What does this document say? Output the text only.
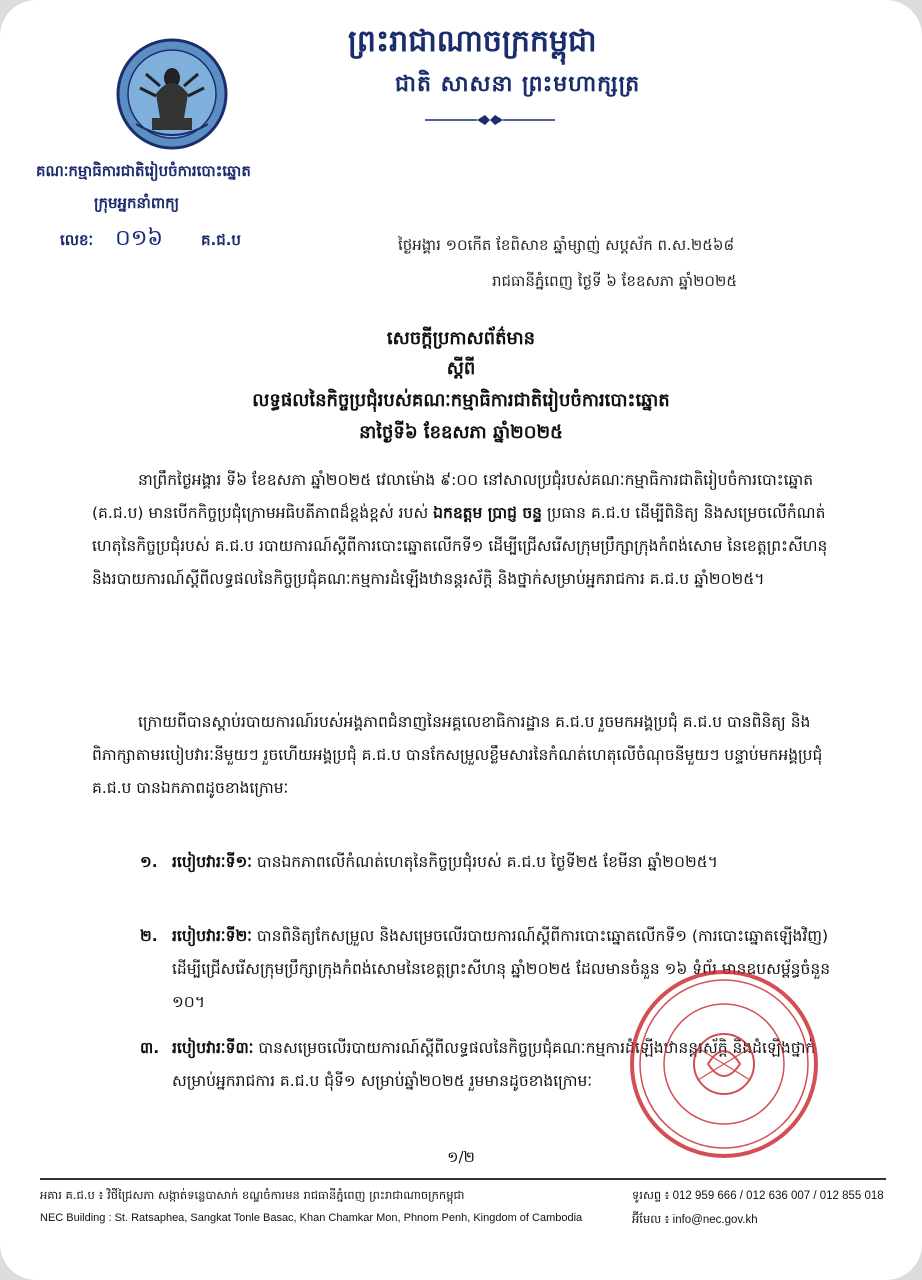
ព្រះរាជាណាចក្រកម្ពុជា
ជាតិ សាសនា ព្រះមហាក្សត្រ
គណៈកម្មាធិការជាតិរៀបចំការបោះឆ្នោត
ក្រុមអ្នកនាំពាក្យ
លេខៈ ០១៦	គ.ជ.ប	ថ្ងៃអង្គារ ១០កើត ខែពិសាខ ឆ្នាំម្សាញ់ សប្តស័ក ព.ស.២៥៦៨
រាជធានីភ្នំពេញ ថ្ងៃទី ៦ ខែឧសភា ឆ្នាំ២០២៥
សេចក្តីប្រកាសព័ត៌មាន
ស្តីពី
លទ្ធផលនៃកិច្ចប្រជុំរបស់គណៈកម្មាធិការជាតិរៀបចំការបោះឆ្នោត
នាថ្ងៃទី៦ ខែឧសភា ឆ្នាំ២០២៥
នាព្រឹកថ្ងៃអង្គារ ទី៦ ខែឧសភា ឆ្នាំ២០២៥ វេលាម៉ោង ៩:០០ នៅសាលប្រជុំរបស់គណៈកម្មាធិការជាតិរៀបចំការបោះឆ្នោត (គ.ជ.ប) មានបើកកិច្ចប្រជុំក្រោមអធិបតីភាពដ៏ខ្ពង់ខ្ពស់ របស់ ឯកឧត្តម ប្រាជ្ញ ចន្ទ ប្រធាន គ.ជ.ប ដើម្បីពិនិត្យ និងសម្រេចលើកំណត់ហេតុនៃកិច្ចប្រជុំរបស់ គ.ជ.ប របាយការណ៍ស្តីពីការបោះឆ្នោតលើកទី១ ដើម្បីជ្រើសរើសក្រុមប្រឹក្សាក្រុងកំពង់សោម នៃខេត្តព្រះសីហនុ និងរបាយការណ៍ស្តីពីលទ្ធផលនៃកិច្ចប្រជុំគណៈកម្មការដំឡើងឋានន្តរស័ក្តិ និងថ្នាក់សម្រាប់អ្នករាជការ គ.ជ.ប ឆ្នាំ២០២៥។
ក្រោយពីបានស្តាប់របាយការណ៍របស់អង្គភាពជំនាញនៃអគ្គលេខាធិការដ្ឋាន គ.ជ.ប រួចមកអង្គប្រជុំ គ.ជ.ប បានពិនិត្យ និងពិភាក្សាតាមរបៀបវារៈនីមួយៗ រួចហើយអង្គប្រជុំ គ.ជ.ប បានកែសម្រួលខ្លឹមសារនៃកំណត់ហេតុលើចំណុចនីមួយៗ បន្ទាប់មកអង្គប្រជុំ គ.ជ.ប បានឯកភាពដូចខាងក្រោមៈ
១. របៀបវារៈទី១ៈ បានឯកភាពលើកំណត់ហេតុនៃកិច្ចប្រជុំរបស់ គ.ជ.ប ថ្ងៃទី២៥ ខែមីនា ឆ្នាំ២០២៥។
២. របៀបវារៈទី២ៈ បានពិនិត្យកែសម្រួល និងសម្រេចលើរបាយការណ៍ស្តីពីការបោះឆ្នោតលើកទី១ (ការបោះឆ្នោតឡើងវិញ) ដើម្បីជ្រើសរើសក្រុមប្រឹក្សាក្រុងកំពង់សោមនៃខេត្តព្រះសីហនុ ឆ្នាំ២០២៥ ដែលមានចំនួន ១៦ ទំព័រ មានឧបសម្ព័ន្ធចំនួន ១០។
៣. របៀបវារៈទី៣ៈ បានសម្រេចលើរបាយការណ៍ស្តីពីលទ្ធផលនៃកិច្ចប្រជុំគណៈកម្មការដំឡើងឋានន្តរស័ក្តិ និងដំឡើងថ្នាក់សម្រាប់អ្នករាជការ គ.ជ.ប ជុំទី១ សម្រាប់ឆ្នាំ២០២៥ រួមមានដូចខាងក្រោមៈ
១/២
អគារ គ.ជ.ប ៖ វិថីជ្រៃសភា សង្កាត់ទន្លេបាសាក់ ខណ្ឌចំការមន រាជធានីភ្នំពេញ ព្រះរាជាណាចក្រកម្ពុជា
NEC Building : St. Ratsaphea, Sangkat Tonle Basac, Khan Chamkar Mon, Phnom Penh, Kingdom of Cambodia
ទូរសព្ទ ៖ 012 959 666 / 012 636 007 / 012 855 018
អ៊ីមែល ៖ info@nec.gov.kh
